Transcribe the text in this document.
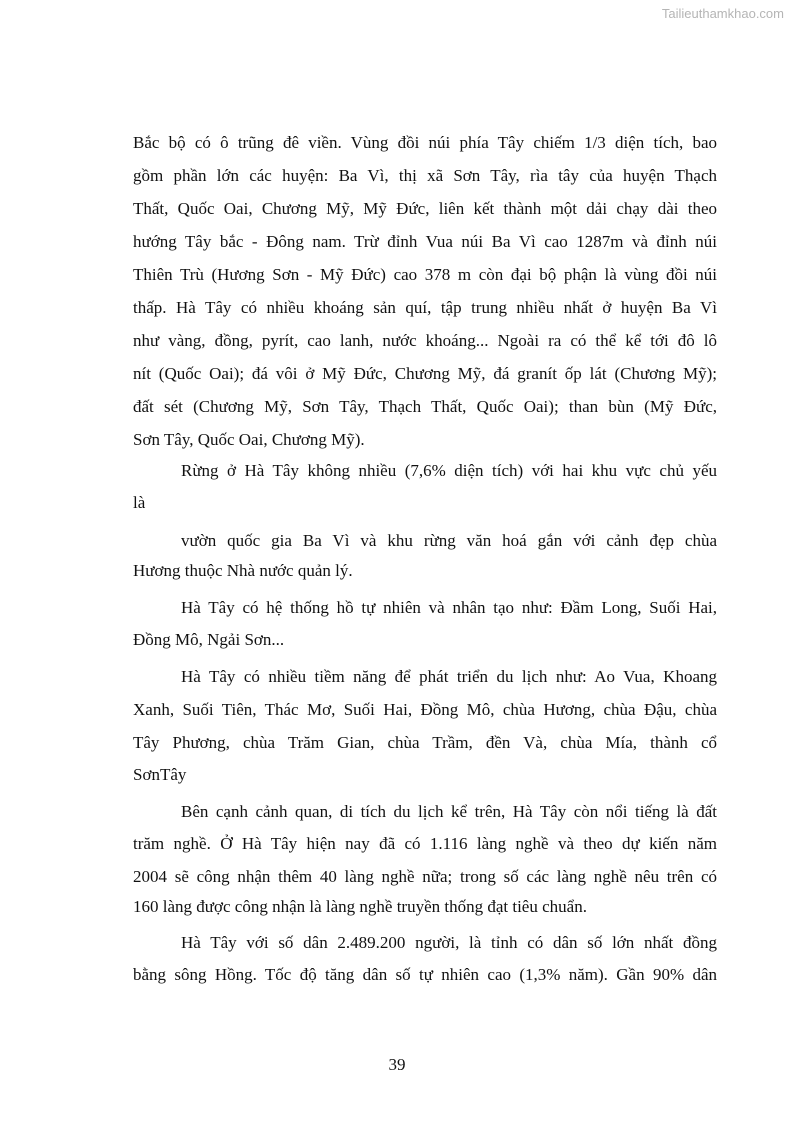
Tailieuthamkhao.com
Bắc bộ có ô trũng đê viền. Vùng đồi núi phía Tây chiếm 1/3 diện tích, bao
gồm phần lớn các huyện: Ba Vì, thị xã Sơn Tây, rìa tây của huyện Thạch
Thất, Quốc Oai, Chương Mỹ, Mỹ Đức, liên kết thành một dải chạy dài theo
hướng Tây bắc - Đông nam. Trừ đỉnh Vua núi Ba Vì cao 1287m và đỉnh núi
Thiên Trù (Hương Sơn - Mỹ Đức) cao 378 m còn đại bộ phận là vùng đồi núi
thấp. Hà Tây có nhiều khoáng sản quí, tập trung nhiều nhất ở huyện Ba Vì
như vàng, đồng, pyrít, cao lanh, nước khoáng... Ngoài ra có thể kể tới đô lô
nít (Quốc Oai); đá vôi ở Mỹ Đức, Chương Mỹ, đá granít ốp lát (Chương Mỹ);
đất sét (Chương Mỹ, Sơn Tây, Thạch Thất, Quốc Oai); than bùn (Mỹ Đức,
Sơn Tây, Quốc Oai, Chương Mỹ).
Rừng ở Hà Tây không nhiều (7,6% diện tích) với hai khu vực chủ yếu
là
vườn quốc gia Ba Vì và khu rừng văn hoá gắn với cảnh đẹp chùa
Hương thuộc Nhà nước quản lý.
Hà Tây có hệ thống hồ tự nhiên và nhân tạo như: Đầm Long, Suối Hai,
Đồng Mô, Ngải Sơn...
Hà Tây có nhiều tiềm năng để phát triển du lịch như: Ao Vua, Khoang
Xanh, Suối Tiên, Thác Mơ, Suối Hai, Đồng Mô, chùa Hương, chùa Đậu, chùa
Tây Phương, chùa Trăm Gian, chùa Trầm, đền Và, chùa Mía, thành cổ
SơnTây
Bên cạnh cảnh quan, di tích du lịch kể trên, Hà Tây còn nổi tiếng là đất
trăm nghề. Ở Hà Tây hiện nay đã có 1.116 làng nghề và theo dự kiến năm
2004 sẽ công nhận thêm 40 làng nghề nữa; trong số các làng nghề nêu trên có
160 làng được công nhận là làng nghề truyền thống đạt tiêu chuẩn.
Hà Tây với số dân 2.489.200 người, là tỉnh có dân số lớn nhất đồng
bằng sông Hồng. Tốc độ tăng dân số tự nhiên cao (1,3% năm). Gần 90% dân
39
